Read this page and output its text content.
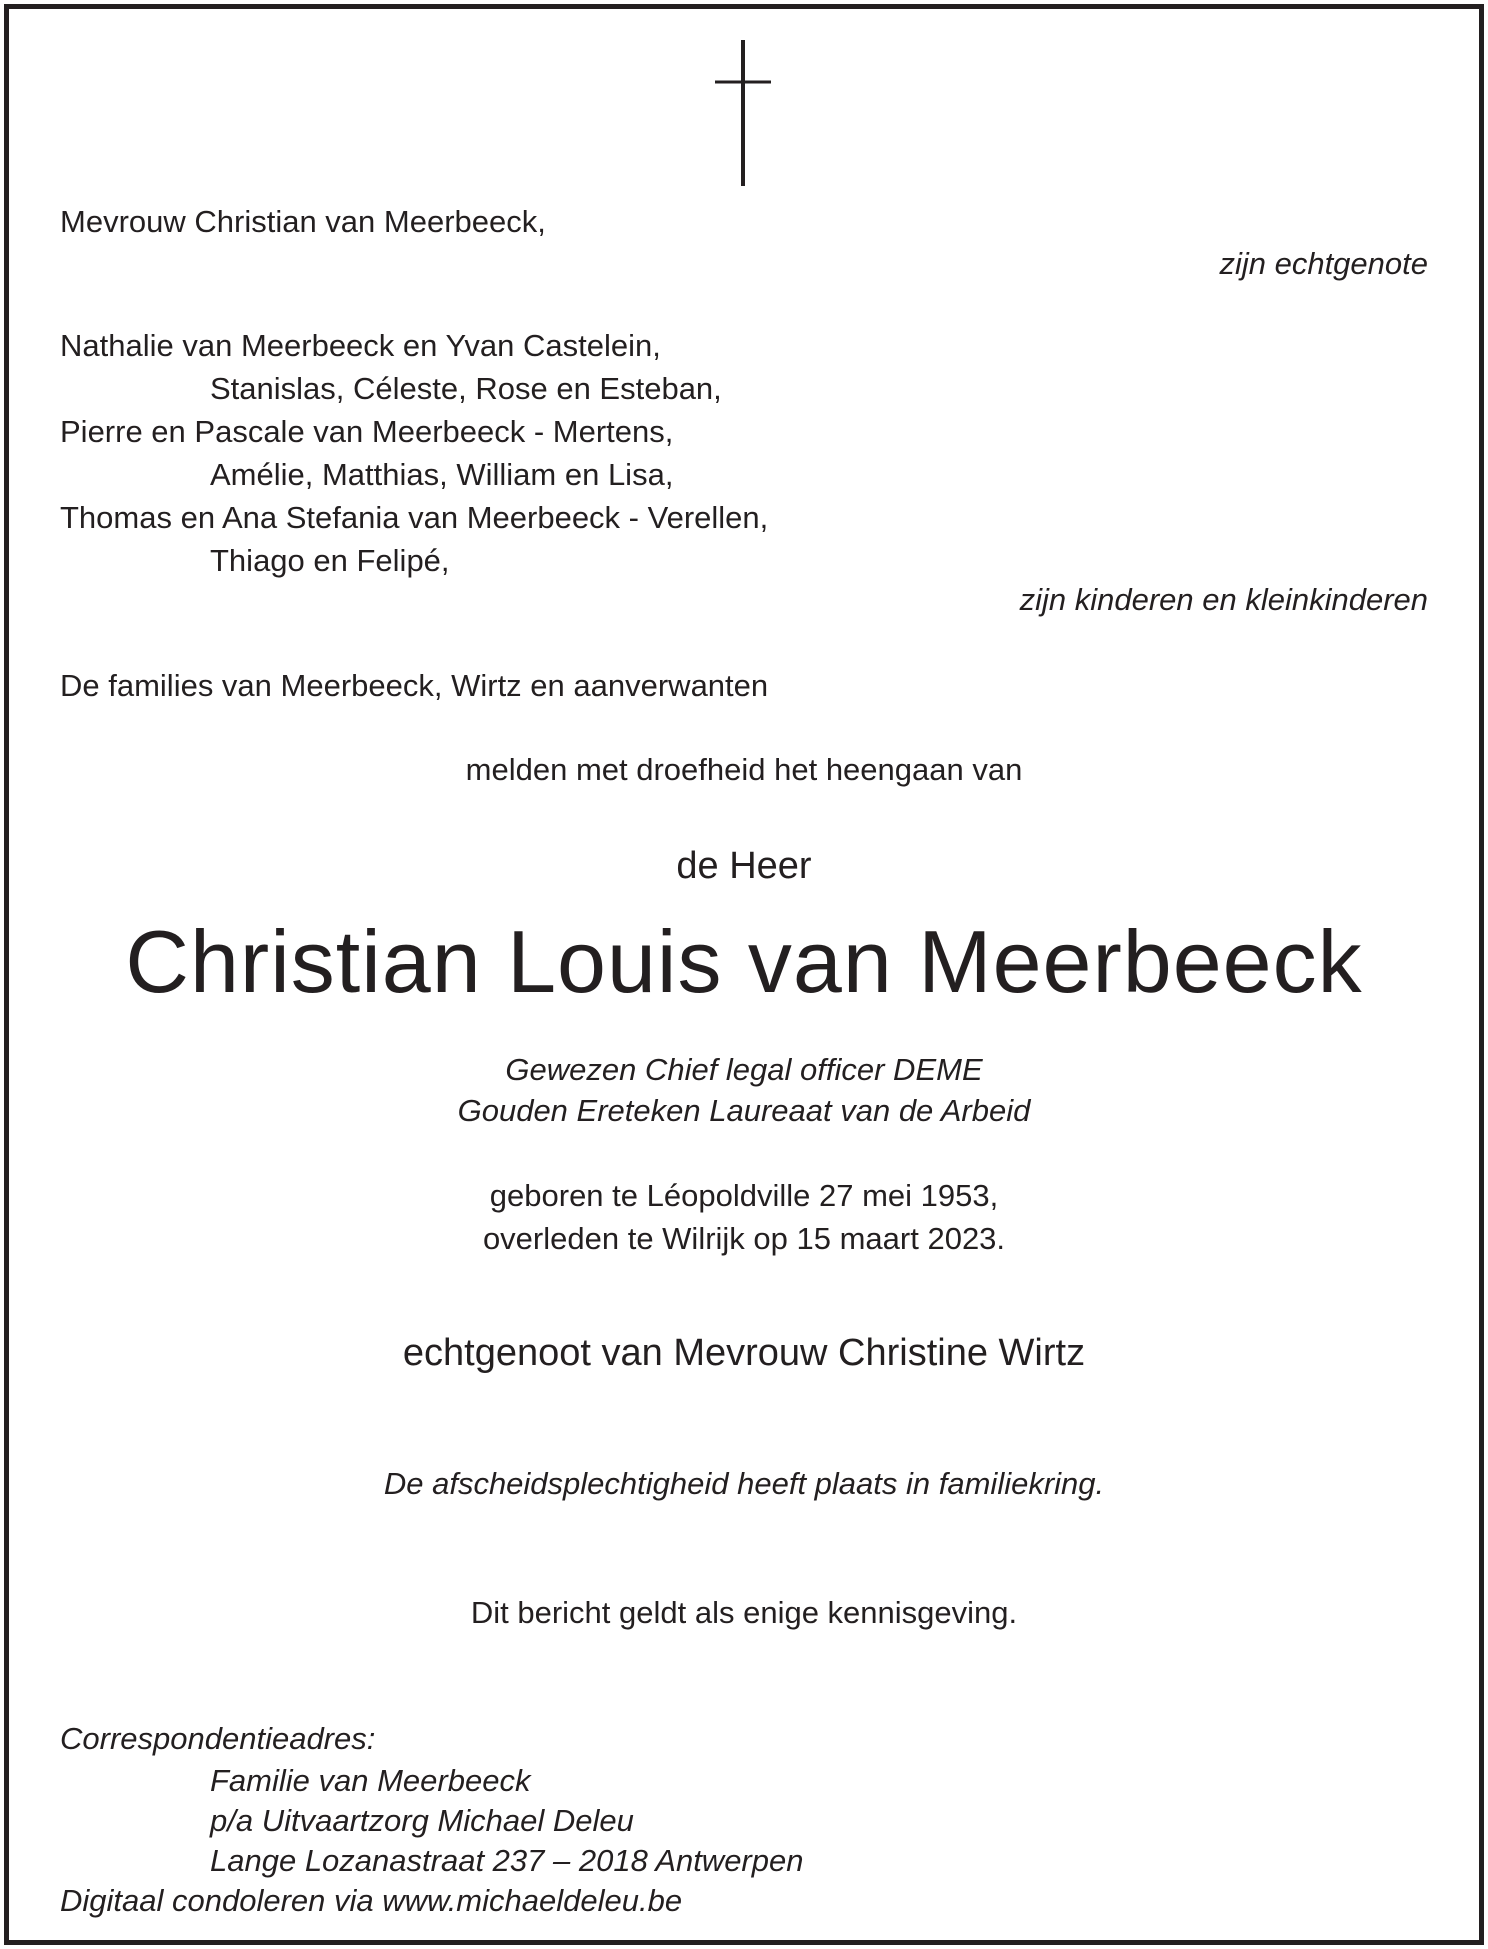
Mevrouw Christian van Meerbeeck,
zijn echtgenote
Nathalie van Meerbeeck en Yvan Castelein,
Stanislas, Céleste, Rose en Esteban,
Pierre en Pascale van Meerbeeck - Mertens,
Amélie, Matthias, William en Lisa,
Thomas en Ana Stefania van Meerbeeck - Verellen,
Thiago en Felipé,
zijn kinderen en kleinkinderen
De families van Meerbeeck, Wirtz en aanverwanten
melden met droefheid het heengaan van
de Heer
Christian Louis van Meerbeeck
Gewezen Chief legal officer DEME
Gouden Ereteken Laureaat van de Arbeid
geboren te Léopoldville 27 mei 1953,
overleden te Wilrijk op 15 maart 2023.
echtgenoot van Mevrouw Christine Wirtz
De afscheidsplechtigheid heeft plaats in familiekring.
Dit bericht geldt als enige kennisgeving.
Correspondentieadres:
Familie van Meerbeeck
p/a Uitvaartzorg Michael Deleu
Lange Lozanastraat 237 – 2018 Antwerpen
Digitaal condoleren via www.michaeldeleu.be
